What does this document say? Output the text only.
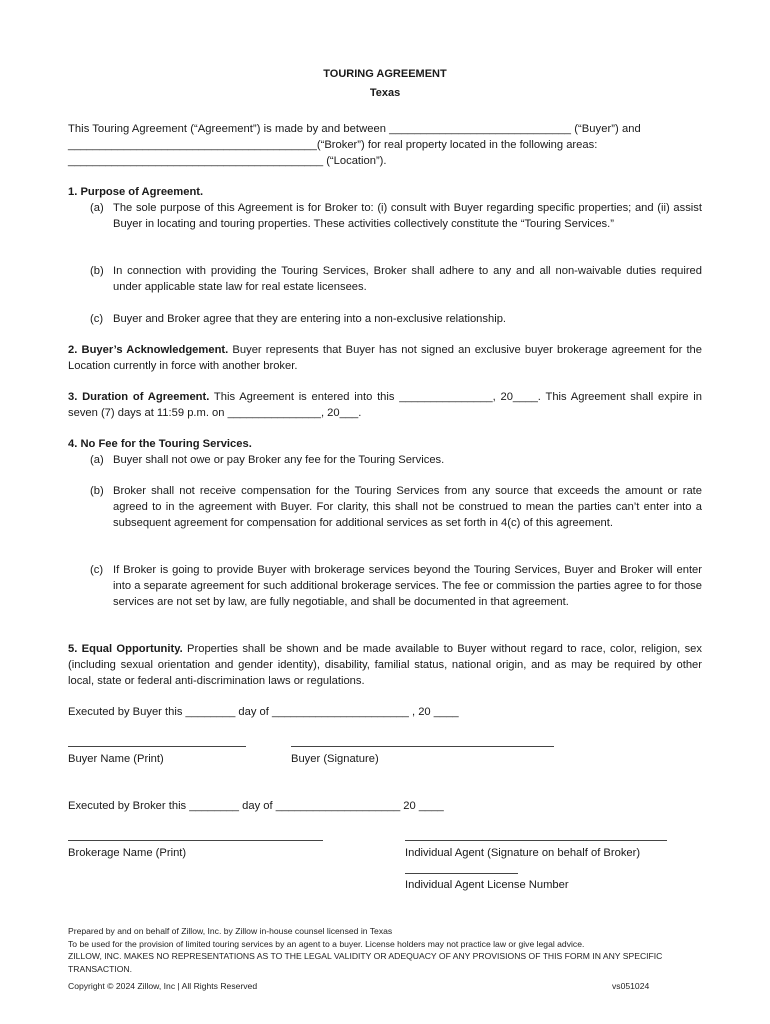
TOURING AGREEMENT
Texas
This Touring Agreement (“Agreement”) is made by and between _____________________________ (“Buyer”) and
________________________________________(“Broker”) for real property located in the following areas:
_________________________________________ (“Location”).
1. Purpose of Agreement.
(a) The sole purpose of this Agreement is for Broker to: (i) consult with Buyer regarding specific properties; and (ii) assist Buyer in locating and touring properties. These activities collectively constitute the “Touring Services.”
(b) In connection with providing the Touring Services, Broker shall adhere to any and all non-waivable duties required under applicable state law for real estate licensees.
(c) Buyer and Broker agree that they are entering into a non-exclusive relationship.
2. Buyer’s Acknowledgement. Buyer represents that Buyer has not signed an exclusive buyer brokerage agreement for the Location currently in force with another broker.
3. Duration of Agreement. This Agreement is entered into this _______________, 20____. This Agreement shall expire in seven (7) days at 11:59 p.m. on _______________, 20___.
4. No Fee for the Touring Services.
(a) Buyer shall not owe or pay Broker any fee for the Touring Services.
(b) Broker shall not receive compensation for the Touring Services from any source that exceeds the amount or rate agreed to in the agreement with Buyer. For clarity, this shall not be construed to mean the parties can’t enter into a subsequent agreement for compensation for additional services as set forth in 4(c) of this agreement.
(c) If Broker is going to provide Buyer with brokerage services beyond the Touring Services, Buyer and Broker will enter into a separate agreement for such additional brokerage services. The fee or commission the parties agree to for those services are not set by law, are fully negotiable, and shall be documented in that agreement.
5. Equal Opportunity. Properties shall be shown and be made available to Buyer without regard to race, color, religion, sex (including sexual orientation and gender identity), disability, familial status, national origin, and as may be required by other local, state or federal anti-discrimination laws or regulations.
Executed by Buyer this ________ day of ______________________ , 20 ____
Buyer Name (Print)	Buyer (Signature)
Executed by Broker this ________ day of ____________________ 20 ____
Brokerage Name (Print)	Individual Agent (Signature on behalf of Broker)
Individual Agent License Number
Prepared by and on behalf of Zillow, Inc. by Zillow in-house counsel licensed in Texas
To be used for the provision of limited touring services by an agent to a buyer. License holders may not practice law or give legal advice.
ZILLOW, INC. MAKES NO REPRESENTATIONS AS TO THE LEGAL VALIDITY OR ADEQUACY OF ANY PROVISIONS OF THIS FORM IN ANY SPECIFIC TRANSACTION.
Copyright © 2024 Zillow, Inc | All Rights Reserved	vs051024
